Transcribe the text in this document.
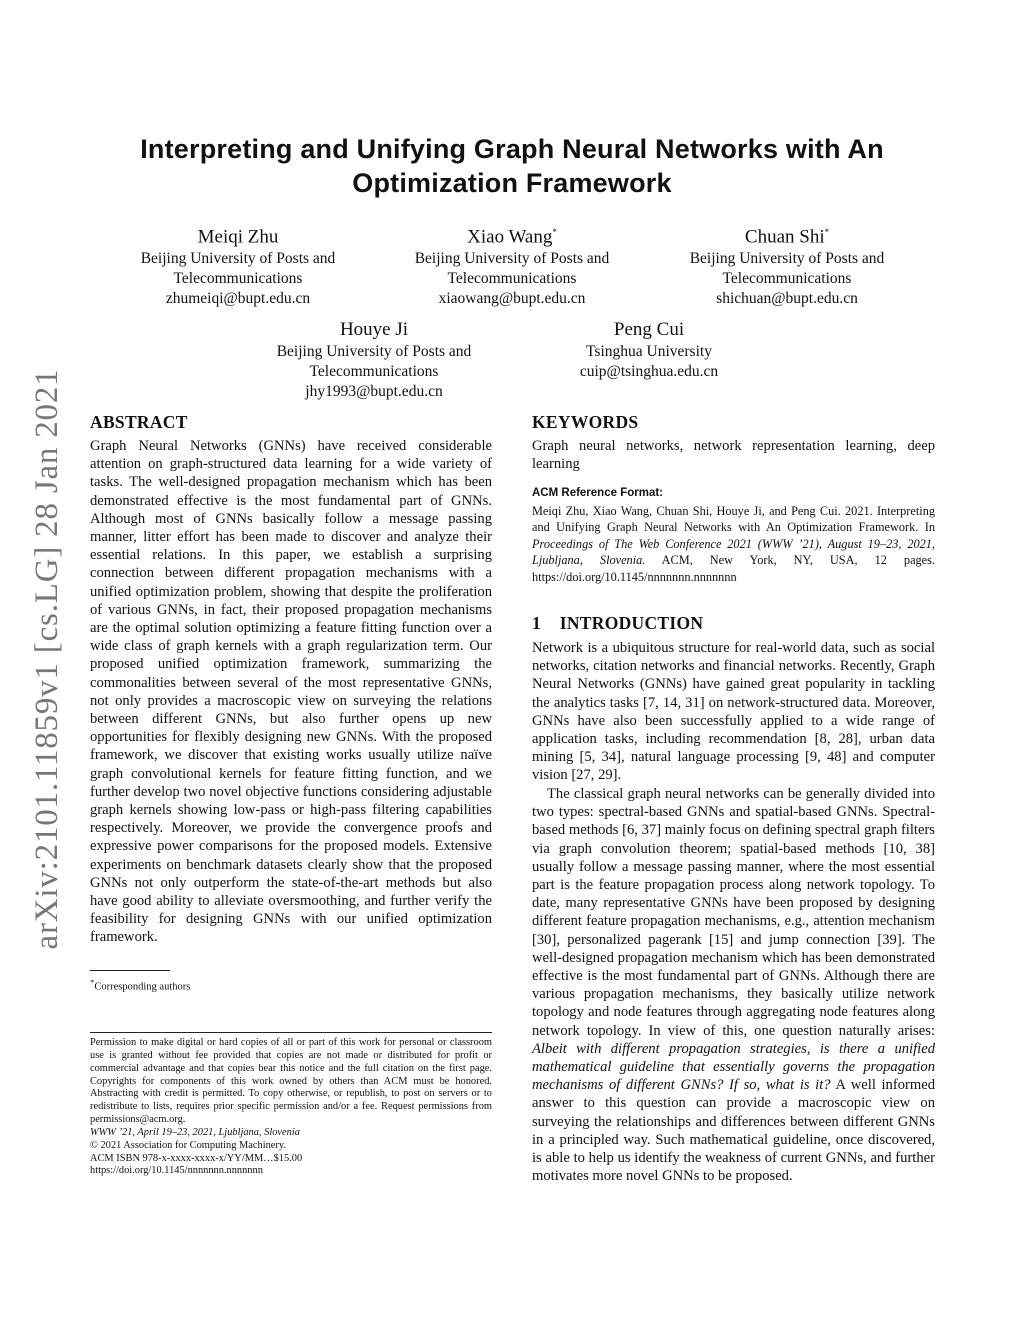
arXiv:2101.11859v1 [cs.LG] 28 Jan 2021
Interpreting and Unifying Graph Neural Networks with An
Optimization Framework
Meiqi Zhu
Beijing University of Posts and
Telecommunications
zhumeiqi@bupt.edu.cn
Xiao Wang*
Beijing University of Posts and
Telecommunications
xiaowang@bupt.edu.cn
Chuan Shi*
Beijing University of Posts and
Telecommunications
shichuan@bupt.edu.cn
Houye Ji
Beijing University of Posts and
Telecommunications
jhy1993@bupt.edu.cn
Peng Cui
Tsinghua University
cuip@tsinghua.edu.cn
ABSTRACT

Graph Neural Networks (GNNs) have received considerable attention on graph-structured data learning for a wide variety of tasks. The well-designed propagation mechanism which has been demonstrated effective is the most fundamental part of GNNs. Although most of GNNs basically follow a message passing manner, litter effort has been made to discover and analyze their essential relations. In this paper, we establish a surprising connection between different propagation mechanisms with a unified optimization problem, showing that despite the proliferation of various GNNs, in fact, their proposed propagation mechanisms are the optimal solution optimizing a feature fitting function over a wide class of graph kernels with a graph regularization term. Our proposed unified optimization framework, summarizing the commonalities between several of the most representative GNNs, not only provides a macroscopic view on surveying the relations between different GNNs, but also further opens up new opportunities for flexibly designing new GNNs. With the proposed framework, we discover that existing works usually utilize naïve graph convolutional kernels for feature fitting function, and we further develop two novel objective functions considering adjustable graph kernels showing low-pass or high-pass filtering capabilities respectively. Moreover, we provide the convergence proofs and expressive power comparisons for the proposed models. Extensive experiments on benchmark datasets clearly show that the proposed GNNs not only outperform the state-of-the-art methods but also have good ability to alleviate oversmoothing, and further verify the feasibility for designing GNNs with our unified optimization framework.

*Corresponding authors
Permission to make digital or hard copies of all or part of this work for personal or classroom use is granted without fee provided that copies are not made or distributed for profit or commercial advantage and that copies bear this notice and the full citation on the first page. Copyrights for components of this work owned by others than ACM must be honored. Abstracting with credit is permitted. To copy otherwise, or republish, to post on servers or to redistribute to lists, requires prior specific permission and/or a fee. Request permissions from permissions@acm.org.
WWW ’21, April 19–23, 2021, Ljubljana, Slovenia
© 2021 Association for Computing Machinery.
ACM ISBN 978-x-xxxx-xxxx-x/YY/MM…$15.00
https://doi.org/10.1145/nnnnnnn.nnnnnnn
KEYWORDS

Graph neural networks, network representation learning, deep learning

ACM Reference Format:
Meiqi Zhu, Xiao Wang, Chuan Shi, Houye Ji, and Peng Cui. 2021. Interpreting and Unifying Graph Neural Networks with An Optimization Framework. In Proceedings of The Web Conference 2021 (WWW ’21), August 19–23, 2021, Ljubljana, Slovenia. ACM, New York, NY, USA, 12 pages. https://doi.org/10.1145/nnnnnnn.nnnnnnn
1    INTRODUCTION

Network is a ubiquitous structure for real-world data, such as social networks, citation networks and financial networks. Recently, Graph Neural Networks (GNNs) have gained great popularity in tackling the analytics tasks [7, 14, 31] on network-structured data. Moreover, GNNs have also been successfully applied to a wide range of application tasks, including recommendation [8, 28], urban data mining [5, 34], natural language processing [9, 48] and computer vision [27, 29].

The classical graph neural networks can be generally divided into two types: spectral-based GNNs and spatial-based GNNs. Spectral-based methods [6, 37] mainly focus on defining spectral graph filters via graph convolution theorem; spatial-based methods [10, 38] usually follow a message passing manner, where the most essential part is the feature propagation process along network topology. To date, many representative GNNs have been proposed by designing different feature propagation mechanisms, e.g., attention mechanism [30], personalized pagerank [15] and jump connection [39]. The well-designed propagation mechanism which has been demonstrated effective is the most fundamental part of GNNs. Although there are various propagation mechanisms, they basically utilize network topology and node features through aggregating node features along network topology. In view of this, one question naturally arises: Albeit with different propagation strategies, is there a unified mathematical guideline that essentially governs the propagation mechanisms of different GNNs? If so, what is it? A well informed answer to this question can provide a macroscopic view on surveying the relationships and differences between different GNNs in a principled way. Such mathematical guideline, once discovered, is able to help us identify the weakness of current GNNs, and further motivates more novel GNNs to be proposed.
